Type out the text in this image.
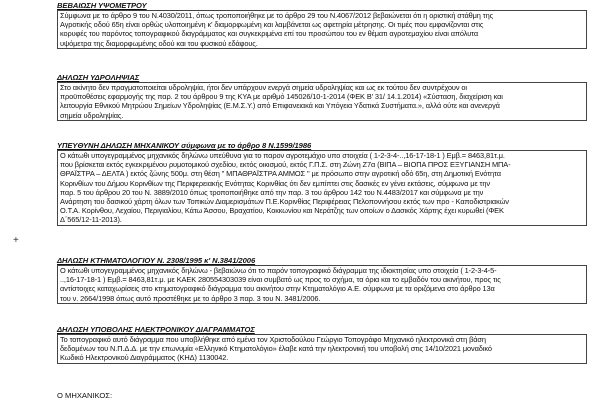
ΒΕΒΑΙΩΣΗ ΥΨΟΜΕΤΡΟΥ

Σύμφωνα με το άρθρο 9 του Ν.4030/2011, όπως τροποποιήθηκε με το άρθρο 29 του Ν.4067/2012 βεβαιώνεται ότι η οριστική στάθμη της

Αγροτικής οδού 65η είναι ορθώς υλοποιημένη κ' διαμορφωμένη και λαμβάνεται ως αφετηρία μέτρησης. Οι τιμές που εμφανίζονται στις

κορυφές του παρόντος τοπογραφικού διαγράμματος και συγκεκριμένα επί του προσώπου του εν θέματι αγροτεμαχίου είναι απόλυτα

υψόμετρα της διαμορφωμένης οδού και του φυσικού εδάφους.

ΔΗΛΩΣΗ ΥΔΡΟΛΗΨΙΑΣ

Στο ακίνητο δεν πραγματοποιείται υδροληψία, ήτοι δεν υπάρχουν ενεργά σημεία υδροληψίας και ως εκ τούτου δεν συντρέχουν οι

προϋποθέσεις εφαρμογής της παρ. 2 του άρθρου 9 της ΚΥΑ με αριθμό 145026/10-1-2014 (ΦΕΚ Β' 31/ 14.1.2014) «Σύσταση, διαχείριση και

λειτουργία Εθνικού Μητρώου Σημείων Υδροληψίας (Ε.Μ.Σ.Υ.) από Επιφανειακά και Υπόγεια Υδατικά Συστήματα.», αλλά ούτε και ανενεργά

σημεία υδροληψίας.

ΥΠΕΥΘΥΝΗ ΔΗΛΩΣΗ ΜΗΧΑΝΙΚΟΥ σύμφωνα με το άρθρο 8 Ν.1599/1986

Ο κάτωθι υπογεγραμμένος μηχανικός δηλώνω υπεύθυνα για το παρον αγροτεμάχιο υπο στοιχεία ( 1-2-3-4-..,16-17-18-1 ) Εμβ.= 8463,81τ.μ.

που βρίσκεται εκτός εγκεκριμένου ρυμοτομικού σχεδίου, εκτός οικισμού, εκτός Γ.Π.Σ. στη Ζώνη Ζ7α (ΒΙΠΑ – ΒΙΟΠΑ ΠΡΟΣ ΕΞΥΓΙΑΝΣΗ ΜΠΑ-

ΘΡΑΪΣΤΡΑ – ΔΕΛΤΑ ) εκτός ζώνης 500μ. στη θέση " ΜΠΑΘΡΑΪΣΤΡΑ ΑΜΜΟΣ " με πρόσωπο στην αγροτική οδό 65η, στη Δημοτική Ενότητα

Κορινθίων του Δήμου Κορινθίων της Περιφερειακής Ενότητας Κορινθίας ότι δεν εμπίπτει στις δασικές εν γένει εκτάσεις, σύμφωνα με την

παρ. 5 του άρθρου 20 του Ν. 3889/2010 όπως τροποποιήθηκε από την παρ. 3 του άρθρου 142 του Ν.4483/2017 και σύμφωνα με την

Ανάρτηση του δασικού χάρτη όλων των Τοπικών Διαμερισμάτων Π.Ε.Κορινθίας Περιφέρειας Πελοποννήσου εκτός των προ - Καποδιστριακών

Ο.Τ.Α. Κορίνθου, Λεχαίου, Περιγιαλίου, Κάτω Άσσου, Βραχατίου, Κοκκωνίου και Νεράτζης των οποίων ο Δασικός Χάρτης έχει κυρωθεί (ΦΕΚ

Δ΄565/12-11-2013).

ΔΗΛΩΣΗ ΚΤΗΜΑΤΟΛΟΓΙΟΥ Ν. 2308/1995 κ' Ν.3841/2006

Ο κάτωθι υπογεγραμμένος μηχανικός δηλώνω - βεβαιώνω ότι το παρόν τοπογραφικό διάγραμμα της ιδιοκτησίας υπο στοιχεία ( 1-2-3-4-5-

..,16-17-18-1 ) Εμβ.= 8463,81τ.μ. με ΚΑΕΚ 280554303039 είναι συμβατό ως προς το σχήμα, τα όρια και το εμβαδόν του ακινήτου, προς τις

αντίστοιχες καταχωρίσεις στο κτηματογραφικό διάγραμμα του ακινήτου στην Κτηματολόγιο Α.Ε. σύμφωνα με τα οριζόμενα στο άρθρο 13α

του ν. 2664/1998 όπως αυτό προστέθηκε με το άρθρο 3 παρ. 3 του Ν. 3481/2006.

ΔΗΛΩΣΗ ΥΠΟΒΟΛΗΣ ΗΛΕΚΤΡΟΝΙΚΟΥ ΔΙΑΓΡΑΜΜΑΤΟΣ

Το τοπογραφικό αυτό διάγραμμα που υποβλήθηκε από εμένα τον Χριστοδούλου Γεώργιο Τοπογράφο Μηχανικό ηλεκτρονικά στη βάση

δεδομένων του Ν.Π.Δ.Δ. με την επωνυμία «Ελληνικό Κτηματολόγιο» έλαβε κατά την ηλεκτρονική του υποβολή στις 14/10/2021 μοναδικό

Κωδικό Ηλεκτρονικού Διαγράμματος (ΚΗΔ) 1130042.

+
Ο ΜΗΧΑΝΙΚΟΣ:
